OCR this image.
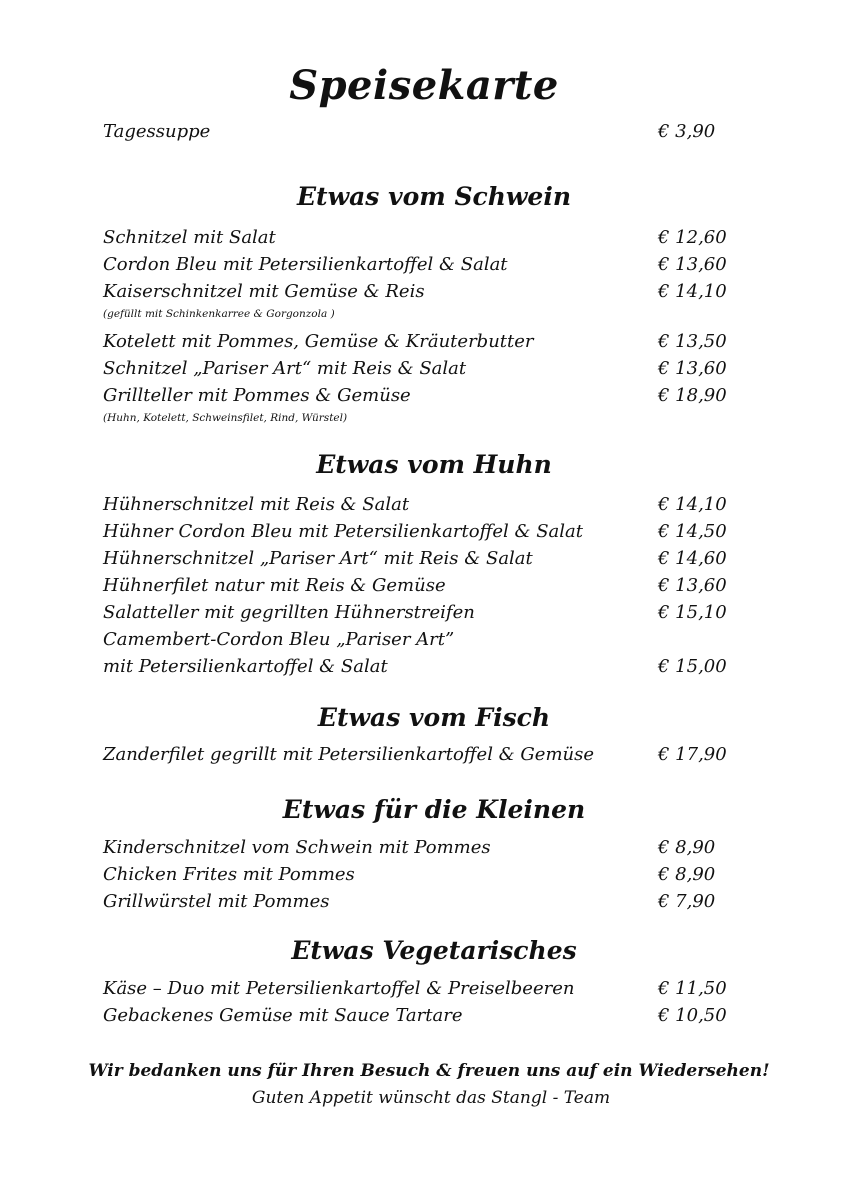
Speisekarte
Tagessuppe	€ 3,90
Etwas vom Schwein
Schnitzel mit Salat	€ 12,60
Cordon Bleu mit Petersilienkartoffel & Salat	€ 13,60
Kaiserschnitzel mit Gemüse & Reis	€ 14,10
(gefüllt mit Schinkenkarree & Gorgonzola )
Kotelett mit Pommes, Gemüse & Kräuterbutter	€ 13,50
Schnitzel „Pariser Art“ mit Reis & Salat	€ 13,60
Grillteller mit Pommes & Gemüse	€ 18,90
(Huhn, Kotelett, Schweinsfilet, Rind, Würstel)
Etwas vom Huhn
Hühnerschnitzel mit Reis & Salat	€ 14,10
Hühner Cordon Bleu mit Petersilienkartoffel & Salat	€ 14,50
Hühnerschnitzel „Pariser Art“ mit Reis & Salat	€ 14,60
Hühnerfilet natur mit Reis & Gemüse	€ 13,60
Salatteller mit gegrillten Hühnerstreifen	€ 15,10
Camembert-Cordon Bleu „Pariser Art”
mit Petersilienkartoffel & Salat	€ 15,00
Etwas vom Fisch
Zanderfilet gegrillt mit Petersilienkartoffel & Gemüse	€ 17,90
Etwas für die Kleinen
Kinderschnitzel vom Schwein mit Pommes	€ 8,90
Chicken Frites mit Pommes	€ 8,90
Grillwürstel mit Pommes	€ 7,90
Etwas Vegetarisches
Käse – Duo mit Petersilienkartoffel & Preiselbeeren	€ 11,50
Gebackenes Gemüse mit Sauce Tartare	€ 10,50
Wir bedanken uns für Ihren Besuch & freuen uns auf ein Wiedersehen!
Guten Appetit wünscht das Stangl - Team
